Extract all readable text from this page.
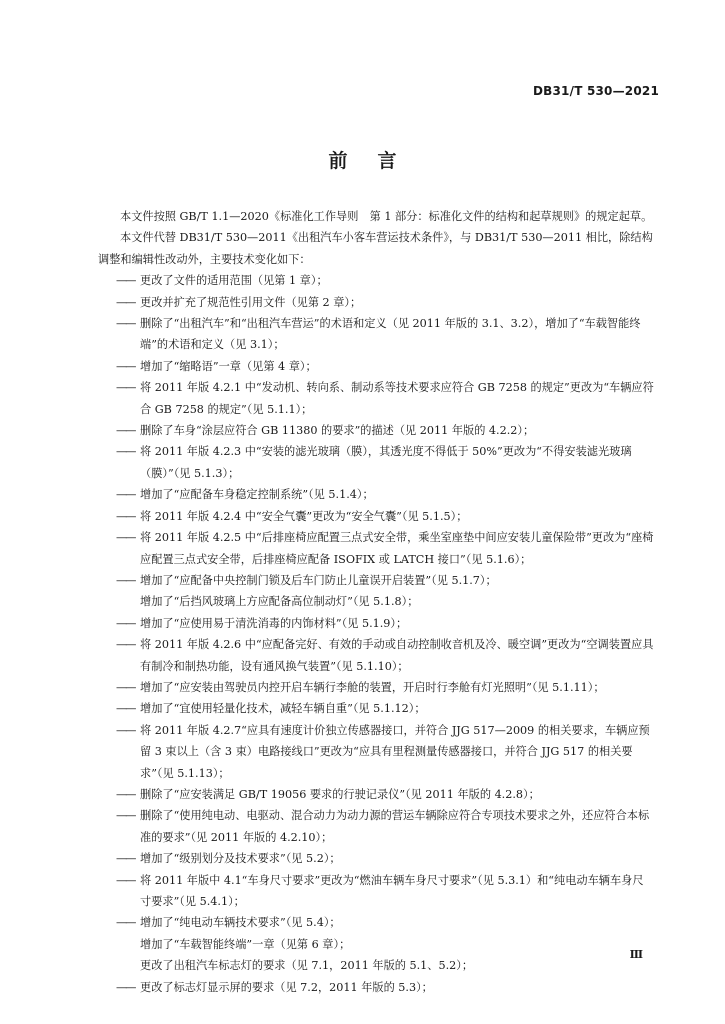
DB31/T 530—2021
前言

本文件按照 GB/T 1.1—2020《标准化工作导则　第 1 部分：标准化文件的结构和起草规则》的规定起草。

本文件代替 DB31/T 530—2011《出租汽车小客车营运技术条件》，与 DB31/T 530—2011 相比，除结构调整和编辑性改动外，主要技术变化如下：

—— 更改了文件的适用范围（见第 1 章）；
—— 更改并扩充了规范性引用文件（见第 2 章）；
—— 删除了“出租汽车”和“出租汽车营运”的术语和定义（见 2011 年版的 3.1、3.2），增加了“车载智能终端”的术语和定义（见 3.1）；
—— 增加了“缩略语”一章（见第 4 章）；
—— 将 2011 年版 4.2.1 中“发动机、转向系、制动系等技术要求应符合 GB 7258 的规定”更改为“车辆应符合 GB 7258 的规定”（见 5.1.1）；
—— 删除了车身“涂层应符合 GB 11380 的要求”的描述（见 2011 年版的 4.2.2）；
—— 将 2011 年版 4.2.3 中“安装的滤光玻璃（膜），其透光度不得低于 50%”更改为“不得安装滤光玻璃（膜）”（见 5.1.3）；
—— 增加了“应配备车身稳定控制系统”（见 5.1.4）；
—— 将 2011 年版 4.2.4 中“安全气囊”更改为“安全气囊”（见 5.1.5）；
—— 将 2011 年版 4.2.5 中“后排座椅应配置三点式安全带，乘坐室座垫中间应安装儿童保险带”更改为“座椅应配置三点式安全带，后排座椅应配备 ISOFIX 或 LATCH 接口”（见 5.1.6）；
—— 增加了“应配备中央控制门锁及后车门防止儿童误开启装置”（见 5.1.7）；
增加了“后挡风玻璃上方应配备高位制动灯”（见 5.1.8）；
—— 增加了“应使用易于清洗消毒的内饰材料”（见 5.1.9）；
—— 将 2011 年版 4.2.6 中“应配备完好、有效的手动或自动控制收音机及冷、暖空调”更改为“空调装置应具有制冷和制热功能，设有通风换气装置”（见 5.1.10）；
—— 增加了“应安装由驾驶员内控开启车辆行李舱的装置，开启时行李舱有灯光照明”（见 5.1.11）；
—— 增加了“宜使用轻量化技术，减轻车辆自重”（见 5.1.12）；
—— 将 2011 年版 4.2.7“应具有速度计价独立传感器接口，并符合 JJG 517—2009 的相关要求，车辆应预留 3 束以上（含 3 束）电路接线口”更改为“应具有里程测量传感器接口，并符合 JJG 517 的相关要求”（见 5.1.13）；
—— 删除了“应安装满足 GB/T 19056 要求的行驶记录仪”（见 2011 年版的 4.2.8）；
—— 删除了“使用纯电动、电驱动、混合动力为动力源的营运车辆除应符合专项技术要求之外，还应符合本标准的要求”（见 2011 年版的 4.2.10）；
—— 增加了“级别划分及技术要求”（见 5.2）；
—— 将 2011 年版中 4.1“车身尺寸要求”更改为“燃油车辆车身尺寸要求”（见 5.3.1）和“纯电动车辆车身尺寸要求”（见 5.4.1）；
—— 增加了“纯电动车辆技术要求”（见 5.4）；
增加了“车载智能终端”一章（见第 6 章）；
更改了出租汽车标志灯的要求（见 7.1，2011 年版的 5.1、5.2）；
—— 更改了标志灯显示屏的要求（见 7.2，2011 年版的 5.3）；
Ⅲ
